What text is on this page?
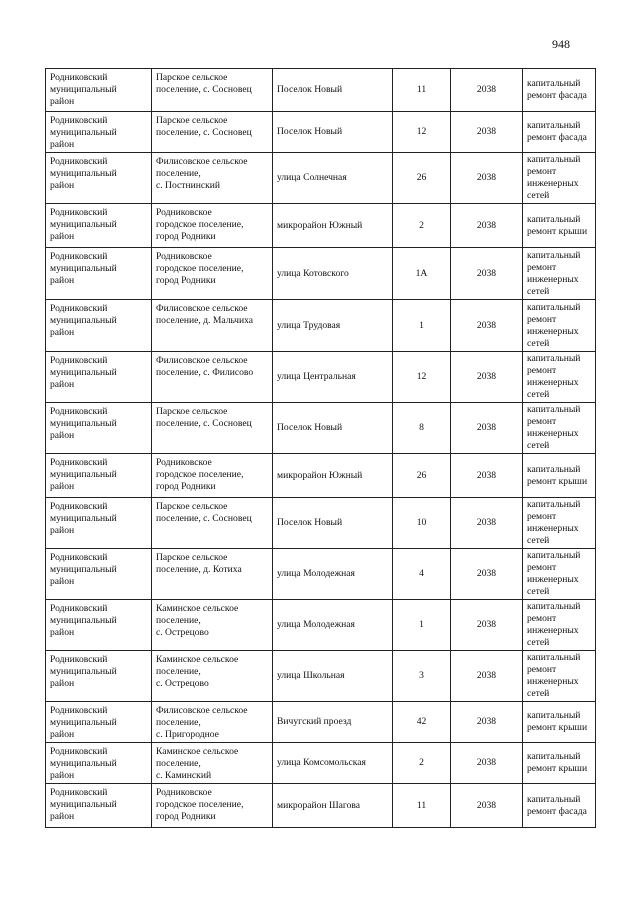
948
Родниковский
муниципальный
район	Парское сельское
поселение, с. Сосновец	Поселок Новый	11	2038	капитальный
ремонт фасада
Родниковский
муниципальный
район	Парское сельское
поселение, с. Сосновец	Поселок Новый	12	2038	капитальный
ремонт фасада
Родниковский
муниципальный
район	Филисовское сельское
поселение,
с. Постнинский	улица Солнечная	26	2038	капитальный
ремонт
инженерных
сетей
Родниковский
муниципальный
район	Родниковское
городское поселение,
город Родники	микрорайон Южный	2	2038	капитальный
ремонт крыши
Родниковский
муниципальный
район	Родниковское
городское поселение,
город Родники	улица Котовского	1А	2038	капитальный
ремонт
инженерных
сетей
Родниковский
муниципальный
район	Филисовское сельское
поселение, д. Мальчиха	улица Трудовая	1	2038	капитальный
ремонт
инженерных
сетей
Родниковский
муниципальный
район	Филисовское сельское
поселение, с. Филисово	улица Центральная	12	2038	капитальный
ремонт
инженерных
сетей
Родниковский
муниципальный
район	Парское сельское
поселение, с. Сосновец	Поселок Новый	8	2038	капитальный
ремонт
инженерных
сетей
Родниковский
муниципальный
район	Родниковское
городское поселение,
город Родники	микрорайон Южный	26	2038	капитальный
ремонт крыши
Родниковский
муниципальный
район	Парское сельское
поселение, с. Сосновец	Поселок Новый	10	2038	капитальный
ремонт
инженерных
сетей
Родниковский
муниципальный
район	Парское сельское
поселение, д. Котиха	улица Молодежная	4	2038	капитальный
ремонт
инженерных
сетей
Родниковский
муниципальный
район	Каминское сельское
поселение,
с. Острецово	улица Молодежная	1	2038	капитальный
ремонт
инженерных
сетей
Родниковский
муниципальный
район	Каминское сельское
поселение,
с. Острецово	улица Школьная	3	2038	капитальный
ремонт
инженерных
сетей
Родниковский
муниципальный
район	Филисовское сельское
поселение,
с. Пригородное	Вичугский проезд	42	2038	капитальный
ремонт крыши
Родниковский
муниципальный
район	Каминское сельское
поселение,
с. Каминский	улица Комсомольская	2	2038	капитальный
ремонт крыши
Родниковский
муниципальный
район	Родниковское
городское поселение,
город Родники	микрорайон Шагова	11	2038	капитальный
ремонт фасада
